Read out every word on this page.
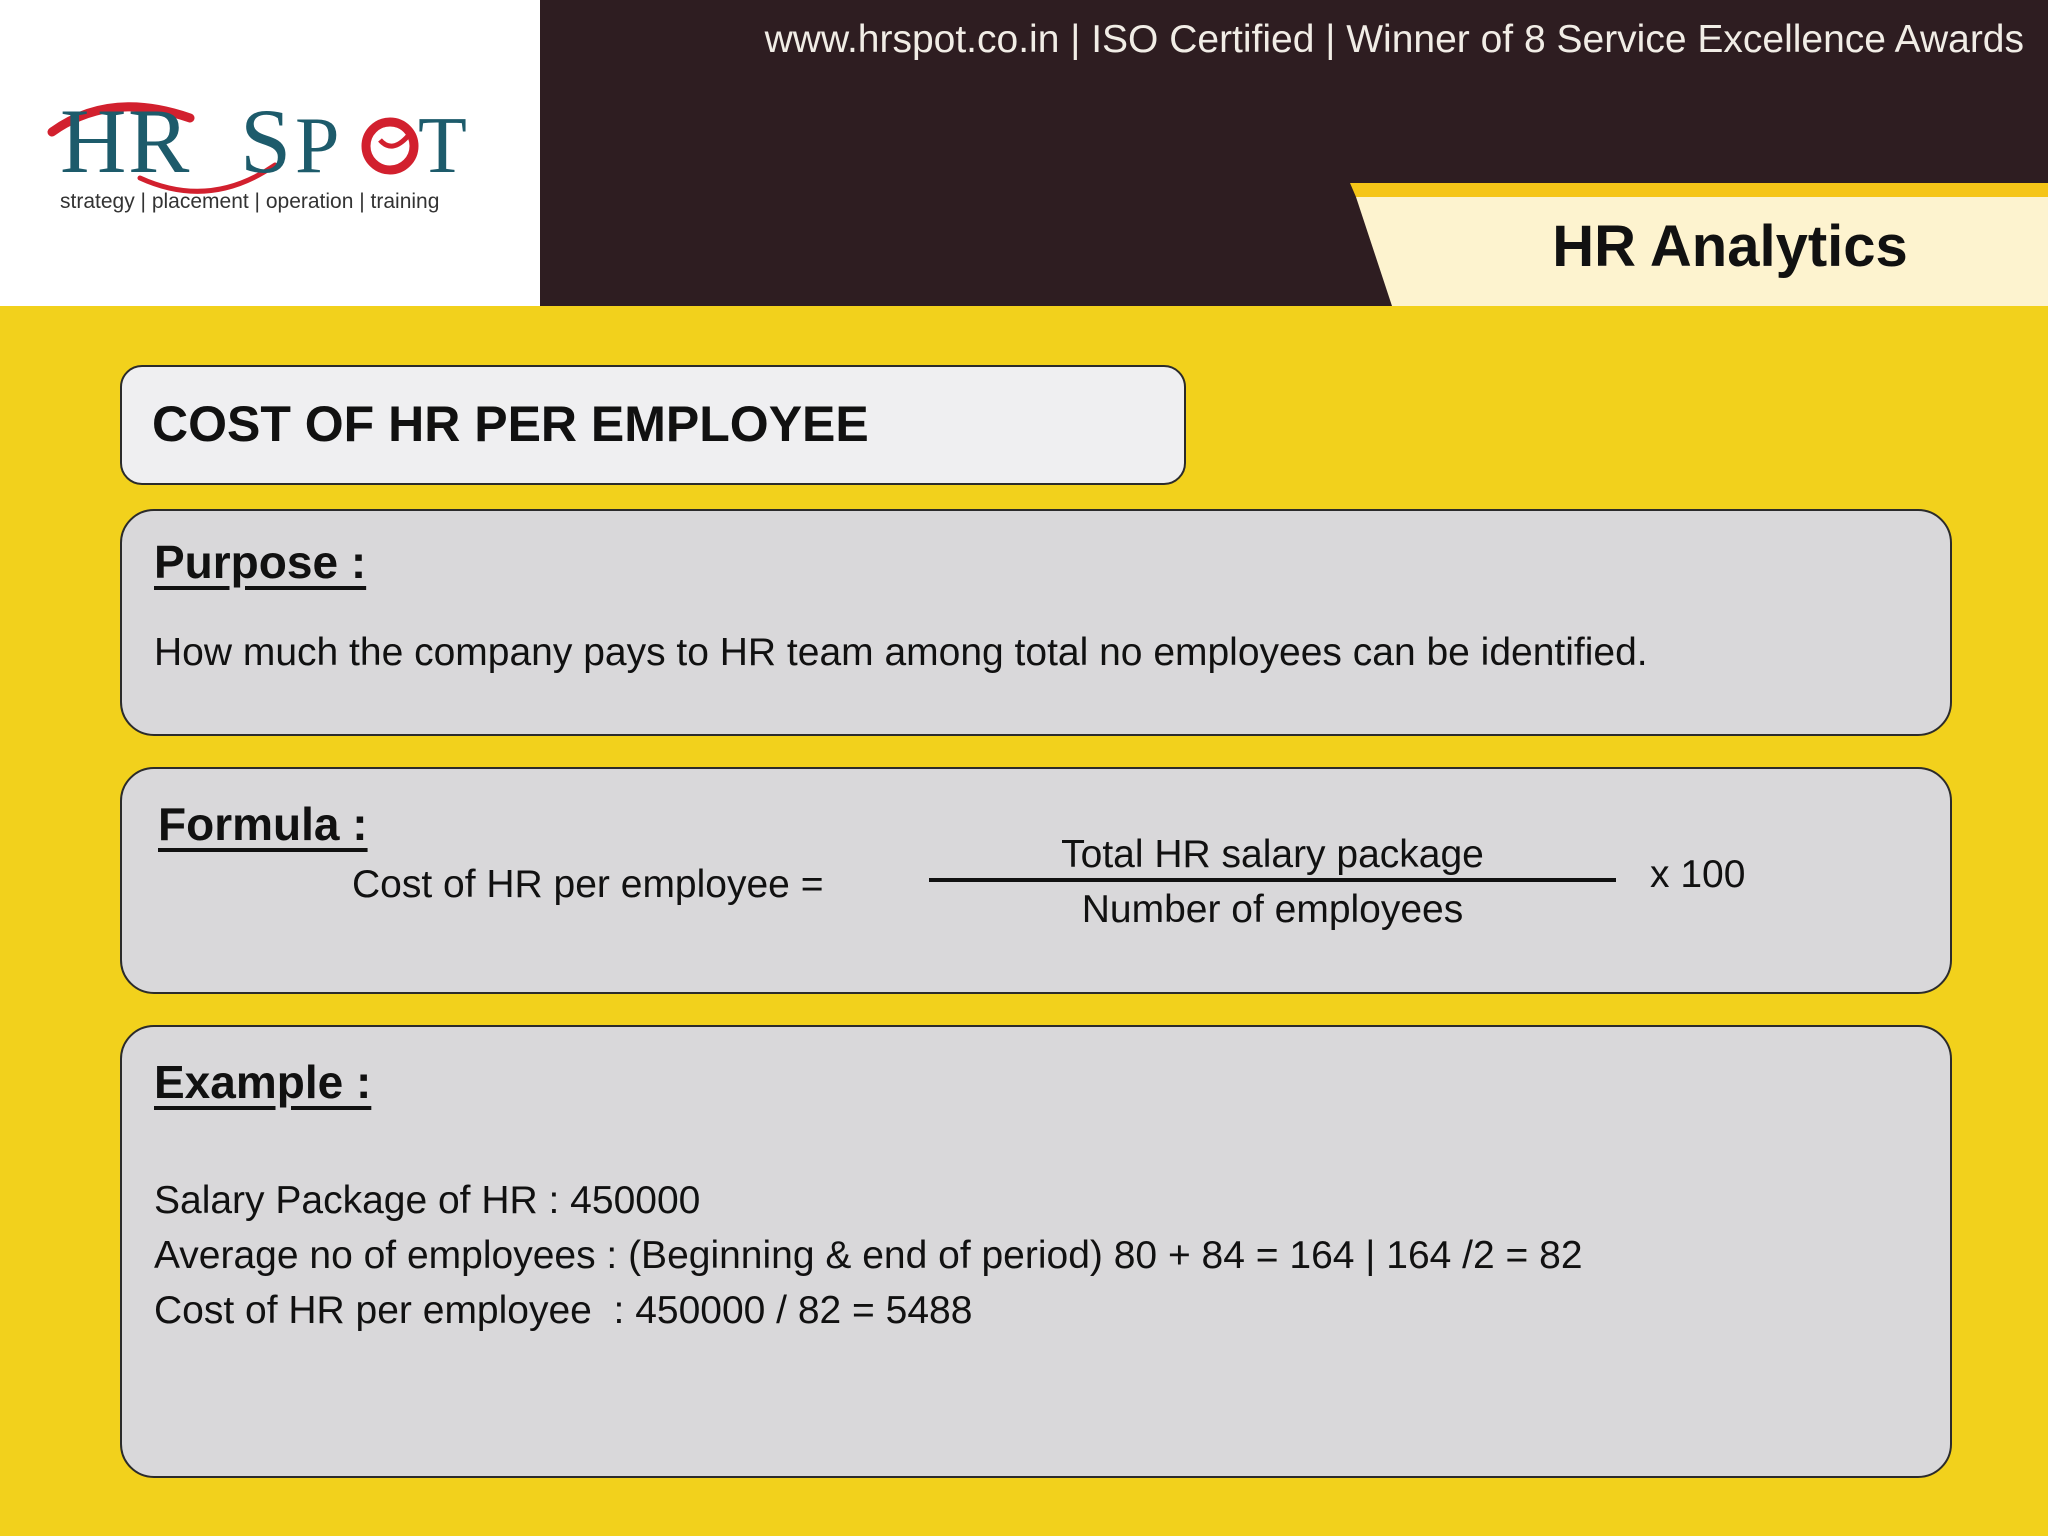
H R S P T
strategy | placement | operation | training
www.hrspot.co.in | ISO Certified | Winner of 8 Service Excellence Awards
HR Analytics
COST OF HR PER EMPLOYEE
Purpose :
How much the company pays to HR team among total no employees can be identified.
Formula :
Cost of HR per employee =
Total HR salary package
Number of employees
x 100
Example :
Salary Package of HR : 450000
Average no of employees : (Beginning & end of period) 80 + 84 = 164 | 164 /2 = 82
Cost of HR per employee  : 450000 / 82 = 5488
